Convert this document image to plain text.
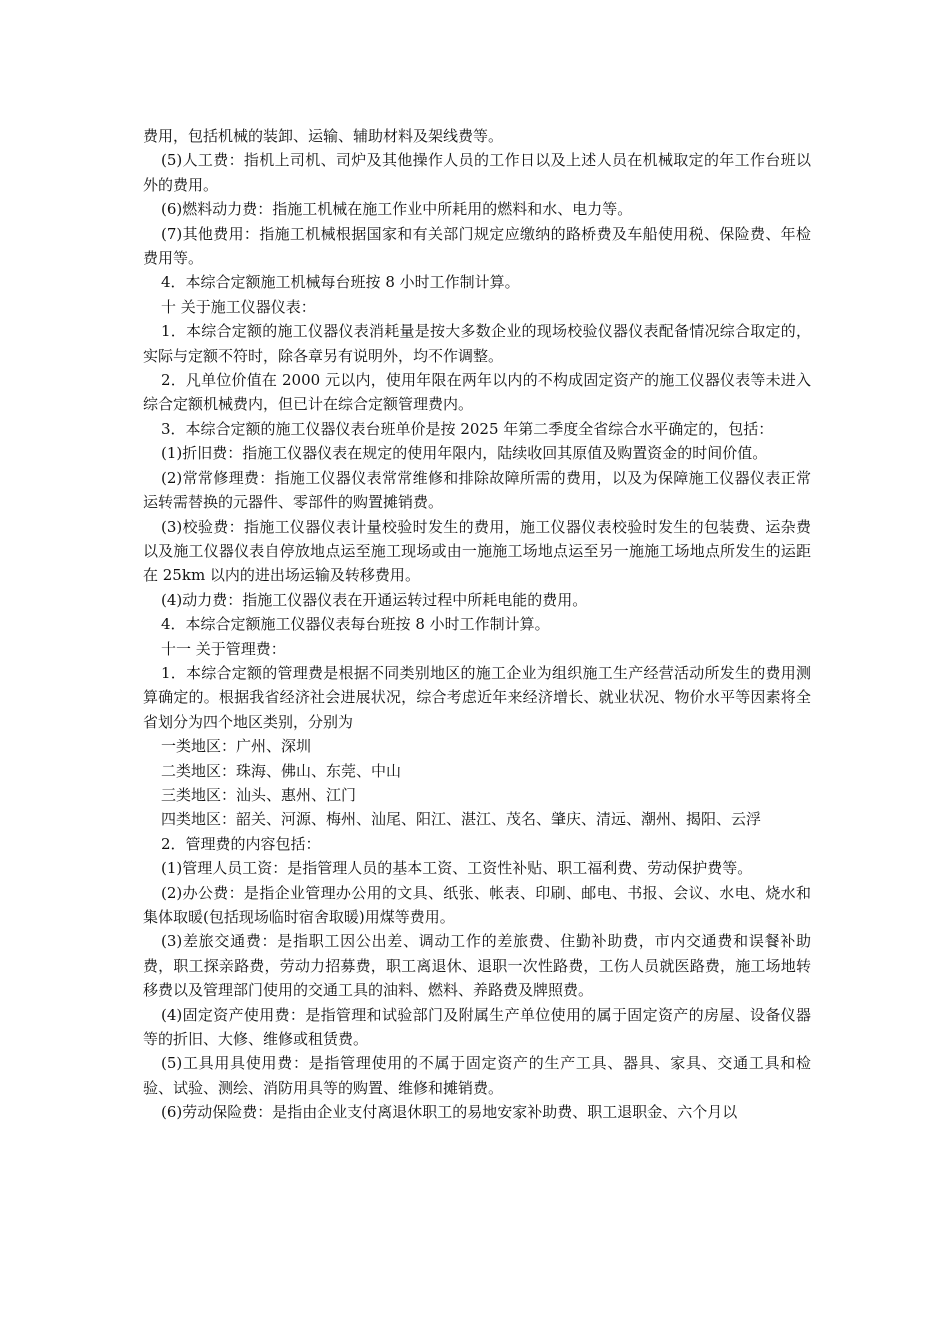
费用，包括机械的装卸、运输、辅助材料及架线费等。

(5)人工费：指机上司机、司炉及其他操作人员的工作日以及上述人员在机械取定的年工作台班以外的费用。

(6)燃料动力费：指施工机械在施工作业中所耗用的燃料和水、电力等。

(7)其他费用：指施工机械根据国家和有关部门规定应缴纳的路桥费及车船使用税、保险费、年检费用等。

4．本综合定额施工机械每台班按 8 小时工作制计算。

十 关于施工仪器仪表：

1．本综合定额的施工仪器仪表消耗量是按大多数企业的现场校验仪器仪表配备情况综合取定的，实际与定额不符时，除各章另有说明外，均不作调整。

2．凡单位价值在 2000 元以内，使用年限在两年以内的不构成固定资产的施工仪器仪表等未进入综合定额机械费内，但已计在综合定额管理费内。

3．本综合定额的施工仪器仪表台班单价是按 2025 年第二季度全省综合水平确定的，包括：

(1)折旧费：指施工仪器仪表在规定的使用年限内，陆续收回其原值及购置资金的时间价值。

(2)常常修理费：指施工仪器仪表常常维修和排除故障所需的费用，以及为保障施工仪器仪表正常运转需替换的元器件、零部件的购置摊销费。

(3)校验费：指施工仪器仪表计量校验时发生的费用，施工仪器仪表校验时发生的包装费、运杂费以及施工仪器仪表自停放地点运至施工现场或由一施施工场地点运至另一施施工场地点所发生的运距在 25km 以内的进出场运输及转移费用。

(4)动力费：指施工仪器仪表在开通运转过程中所耗电能的费用。

4．本综合定额施工仪器仪表每台班按 8 小时工作制计算。

十一 关于管理费：

1．本综合定额的管理费是根据不同类别地区的施工企业为组织施工生产经营活动所发生的费用测算确定的。根据我省经济社会进展状况，综合考虑近年来经济增长、就业状况、物价水平等因素将全省划分为四个地区类别，分别为

一类地区：广州、深圳

二类地区：珠海、佛山、东莞、中山

三类地区：汕头、惠州、江门

四类地区：韶关、河源、梅州、汕尾、阳江、湛江、茂名、肇庆、清远、潮州、揭阳、云浮

2．管理费的内容包括：

(1)管理人员工资：是指管理人员的基本工资、工资性补贴、职工福利费、劳动保护费等。

(2)办公费：是指企业管理办公用的文具、纸张、帐表、印刷、邮电、书报、会议、水电、烧水和集体取暖(包括现场临时宿舍取暖)用煤等费用。

(3)差旅交通费：是指职工因公出差、调动工作的差旅费、住勤补助费，市内交通费和误餐补助费，职工探亲路费，劳动力招募费，职工离退休、退职一次性路费，工伤人员就医路费，施工场地转移费以及管理部门使用的交通工具的油料、燃料、养路费及牌照费。

(4)固定资产使用费：是指管理和试验部门及附属生产单位使用的属于固定资产的房屋、设备仪器等的折旧、大修、维修或租赁费。

(5)工具用具使用费：是指管理使用的不属于固定资产的生产工具、器具、家具、交通工具和检验、试验、测绘、消防用具等的购置、维修和摊销费。

(6)劳动保险费：是指由企业支付离退休职工的易地安家补助费、职工退职金、六个月以
